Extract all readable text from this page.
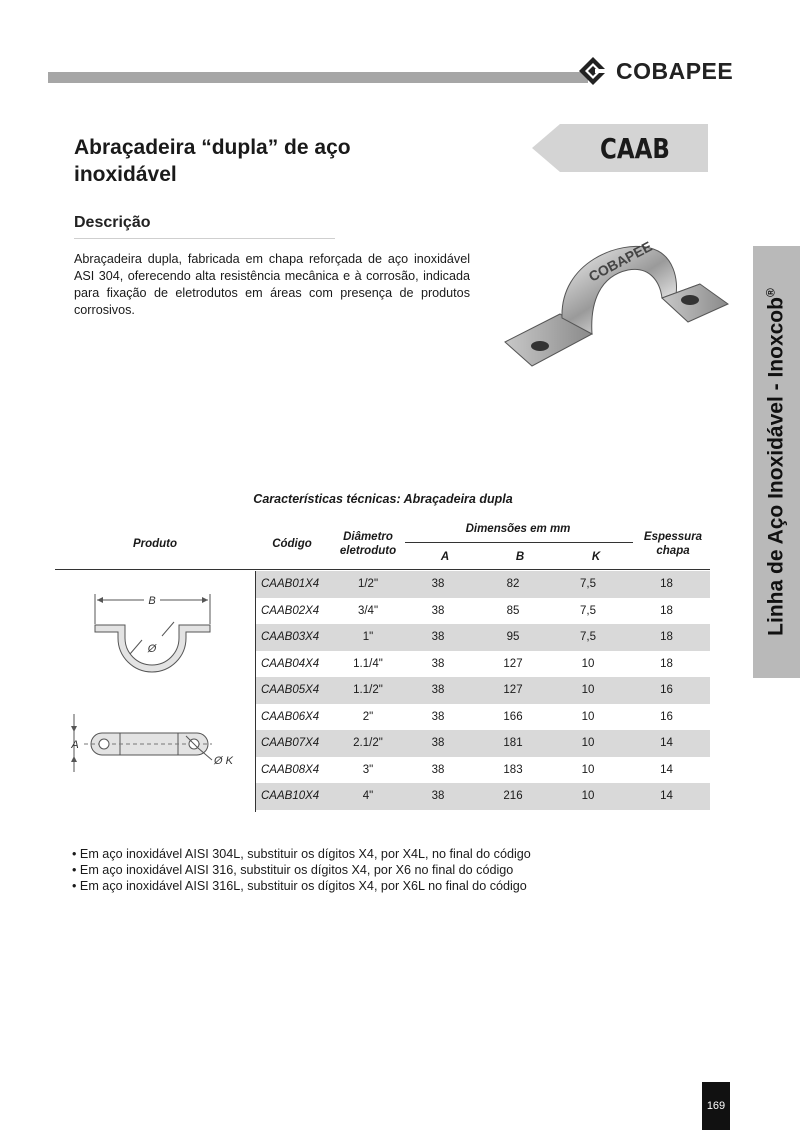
COBAPEE
Abraçadeira “dupla” de aço inoxidável
CAAB
Descrição

Abraçadeira dupla, fabricada em chapa reforçada de aço inoxidável ASI 304, oferecendo alta resistência mecânica e à corrosão, indicada para fixação de eletrodutos em áreas com presença de produtos corrosivos.

COBAPEE
Linha de Aço Inoxidável - Inoxcob®

Características técnicas: Abraçadeira dupla

Produto	Código
Diâmetro eletroduto
Dimensões em mm
A	B	K
Espessura chapa
B
Ø
A
Ø K
CAAB01X4	1/2"	38	82	7,5	18
CAAB02X4	3/4"	38	85	7,5	18
CAAB03X4	1"	38	95	7,5	18
CAAB04X4	1.1/4"	38	127	10	18
CAAB05X4	1.1/2"	38	127	10	16
CAAB06X4	2"	38	166	10	16
CAAB07X4	2.1/2"	38	181	10	14
CAAB08X4	3"	38	183	10	14
CAAB10X4	4"	38	216	10	14
• Em aço inoxidável AISI 304L, substituir os dígitos X4, por X4L, no final do código
• Em aço inoxidável AISI 316, substituir os dígitos X4, por X6 no final do código
• Em aço inoxidável AISI 316L, substituir os dígitos X4, por X6L no final do código
169
